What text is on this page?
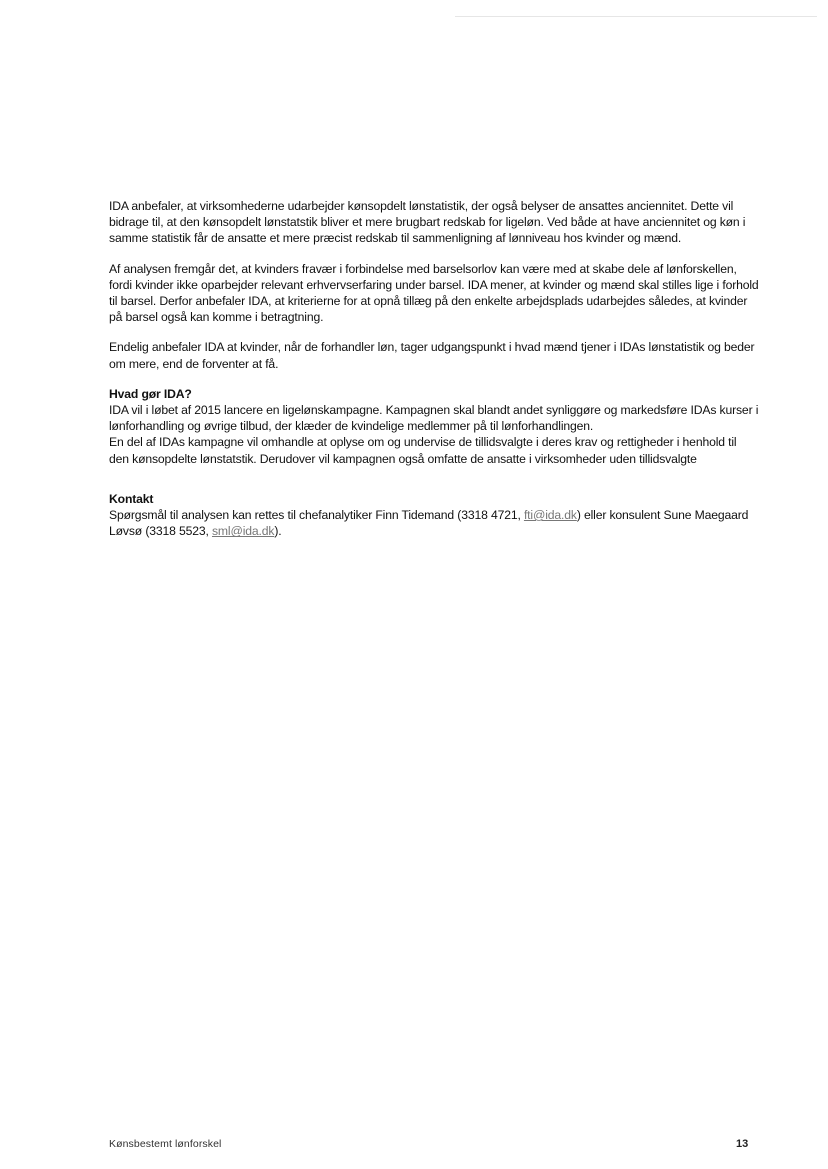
IDA anbefaler, at virksomhederne udarbejder kønsopdelt lønstatistik, der også belyser de ansattes anciennitet. Dette vil bidrage til, at den kønsopdelt lønstatstik bliver et mere brugbart redskab for ligeløn. Ved både at have anciennitet og køn i samme statistik får de ansatte et mere præcist redskab til sammenligning af lønniveau hos kvinder og mænd.

Af analysen fremgår det, at kvinders fravær i forbindelse med barselsorlov kan være med at skabe dele af lønforskellen, fordi kvinder ikke oparbejder relevant erhvervserfaring under barsel. IDA mener, at kvinder og mænd skal stilles lige i forhold til barsel. Derfor anbefaler IDA, at kriterierne for at opnå tillæg på den enkelte arbejdsplads udarbejdes således, at kvinder på barsel også kan komme i betragtning.

Endelig anbefaler IDA at kvinder, når de forhandler løn, tager udgangspunkt i hvad mænd tjener i IDAs lønstatistik og beder om mere, end de forventer at få.

Hvad gør IDA?

IDA vil i løbet af 2015 lancere en ligelønskampagne. Kampagnen skal blandt andet synliggøre og markedsføre IDAs kurser i lønforhandling og øvrige tilbud, der klæder de kvindelige medlemmer på til lønforhandlingen.

En del af IDAs kampagne vil omhandle at oplyse om og undervise de tillidsvalgte i deres krav og rettigheder i henhold til den kønsopdelte lønstatstik. Derudover vil kampagnen også omfatte de ansatte i virksomheder uden tillidsvalgte

Kontakt

Spørgsmål til analysen kan rettes til chefanalytiker Finn Tidemand (3318 4721, fti@ida.dk) eller konsulent Sune Maegaard Løvsø (3318 5523, sml@ida.dk).

Kønsbestemt lønforskel	13
